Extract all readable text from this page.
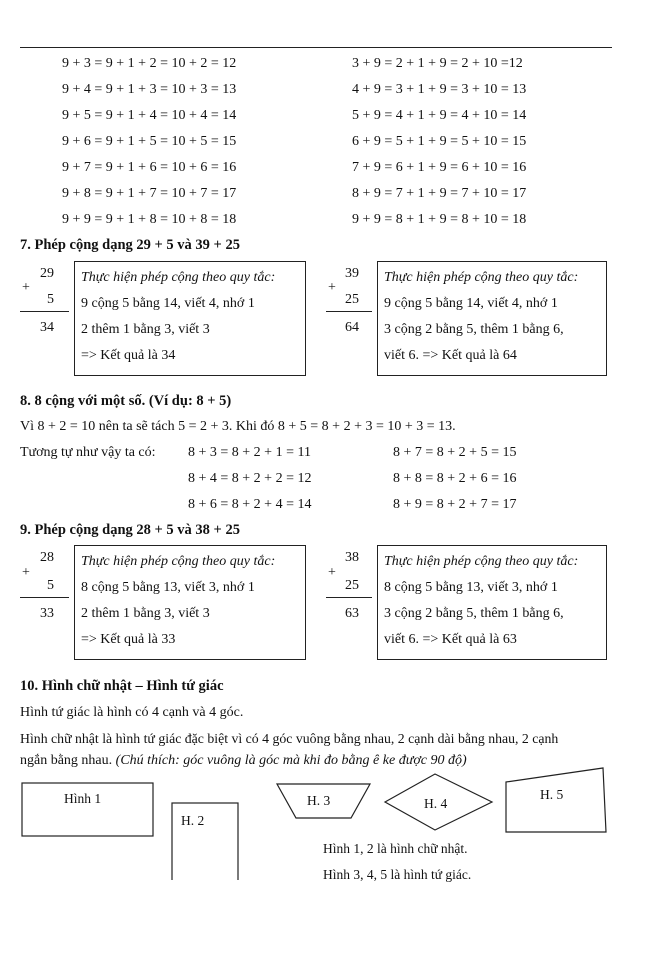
9 + 3 = 9 + 1 + 2 = 10 + 2 = 12
9 + 4 = 9 + 1 + 3 = 10 + 3 = 13
9 + 5 = 9 + 1 + 4 = 10 + 4 = 14
9 + 6 = 9 + 1 + 5 = 10 + 5 = 15
9 + 7 = 9 + 1 + 6 = 10 + 6 = 16
9 + 8 = 9 + 1 + 7 = 10 + 7 = 17
9 + 9 = 9 + 1 + 8 = 10 + 8 = 18
3 + 9 = 2 + 1 + 9 = 2 + 10 =12
4 + 9 = 3 + 1 + 9 = 3 + 10 = 13
5 + 9 = 4 + 1 + 9 = 4 + 10 = 14
6 + 9 = 5 + 1 + 9 = 5 + 10 = 15
7 + 9 = 6 + 1 + 9 = 6 + 10 = 16
8 + 9 = 7 + 1 + 9 = 7 + 10 = 17
9 + 9 = 8 + 1 + 9 = 8 + 10 = 18
7. Phép cộng dạng 29 + 5 và 39 + 25
29
+
5
34
Thực hiện phép cộng theo quy tắc:
9 cộng 5 bằng 14, viết 4, nhớ 1
2 thêm 1 bằng 3, viết 3
=> Kết quả là 34
39
+
25
64
Thực hiện phép cộng theo quy tắc:
9 cộng 5 bằng 14, viết 4, nhớ 1
3 cộng 2 bằng 5, thêm 1 bằng 6,
viết 6. => Kết quả là 64
8. 8 cộng với một số. (Ví dụ: 8 + 5)
Vì 8 + 2 = 10 nên ta sẽ tách 5 = 2 + 3. Khi đó 8 + 5 = 8 + 2 + 3 = 10 + 3 = 13.
Tương tự như vậy ta có: 8 + 3 = 8 + 2 + 1 = 11
8 + 4 = 8 + 2 + 2 = 12
8 + 6 = 8 + 2 + 4 = 14
8 + 7 = 8 + 2 + 5 = 15
8 + 8 = 8 + 2 + 6 = 16
8 + 9 = 8 + 2 + 7 = 17
9. Phép cộng dạng 28 + 5 và 38 + 25
28
+
5
33
Thực hiện phép cộng theo quy tắc:
8 cộng 5 bằng 13, viết 3, nhớ 1
2 thêm 1 bằng 3, viết 3
=> Kết quả là 33
38
+
25
63
Thực hiện phép cộng theo quy tắc:
8 cộng 5 bằng 13, viết 3, nhớ 1
3 cộng 2 bằng 5, thêm 1 bằng 6,
viết 6. => Kết quả là 63
10. Hình chữ nhật – Hình tứ giác
Hình tứ giác là hình có 4 cạnh và 4 góc.
Hình chữ nhật là hình tứ giác đặc biệt vì có 4 góc vuông bằng nhau, 2 cạnh dài bằng nhau, 2 cạnh
ngắn bằng nhau. (Chú thích: góc vuông là góc mà khi đo bằng ê ke được 90 độ)
Hình 1
H. 2
H. 3	H. 4
H. 5
Hình 1, 2 là hình chữ nhật.
Hình 3, 4, 5 là hình tứ giác.
